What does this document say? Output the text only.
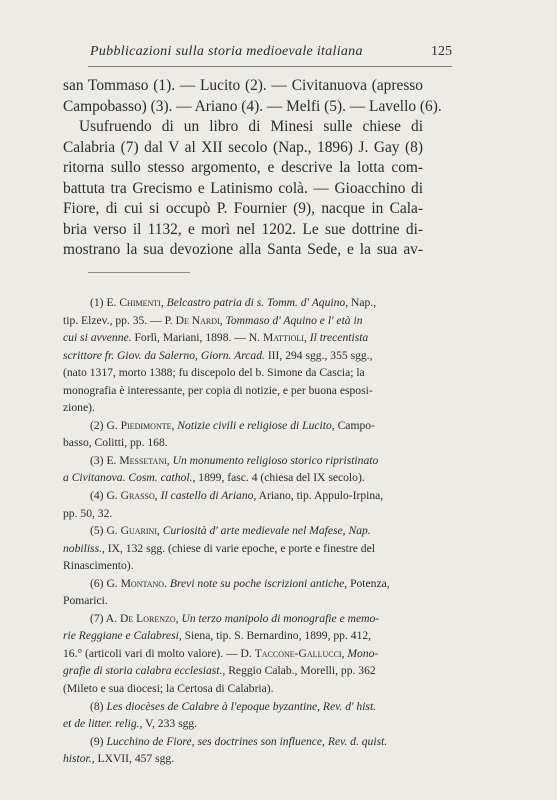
Pubblicazioni sulla storia medioevale italiana	125
san Tommaso (1). — Lucito (2). — Civitanuova (apresso
Campobasso) (3). — Ariano (4). — Melfi (5). — Lavello (6).
Usufruendo di un libro di Minesi sulle chiese di
Calabria (7) dal V al XII secolo (Nap., 1896) J. Gay (8)
ritorna sullo stesso argomento, e descrive la lotta com-
battuta tra Grecismo e Latinismo colà. — Gioacchino di
Fiore, di cui si occupò P. Fournier (9), nacque in Cala-
bria verso il 1132, e morì nel 1202. Le sue dottrine di-
mostrano la sua devozione alla Santa Sede, e la sua av-
(1) E. Chimenti, Belcastro patria di s. Tomm. d' Aquino, Nap.,
tip. Elzev., pp. 35. — P. De Nardi, Tommaso d' Aquino e l' età in
cui si avvenne. Forlì, Mariani, 1898. — N. Mattioli, Il trecentista
scrittore fr. Giov. da Salerno, Giorn. Arcad. III, 294 sgg., 355 sgg.,
(nato 1317, morto 1388; fu discepolo del b. Simone da Cascia; la
monografia è interessante, per copia di notizie, e per buona esposi-
zione).
(2) G. Piedimonte, Notizie civili e religiose di Lucito, Campo-
basso, Colitti, pp. 168.
(3) E. Messetani, Un monumento religioso storico ripristinato
a Civitanova. Cosm. cathol., 1899, fasc. 4 (chiesa del IX secolo).
(4) G. Grasso, Il castello di Ariano, Ariano, tip. Appulo-Irpina,
pp. 50, 32.
(5) G. Guarini, Curiosità d' arte medievale nel Mafese, Nap.
nobiliss., IX, 132 sgg. (chiese di varie epoche, e porte e finestre del
Rinascimento).
(6) G. Montano. Brevi note su poche iscrizioni antiche, Potenza,
Pomarici.
(7) A. De Lorenzo, Un terzo manipolo di monografie e memo-
rie Reggiane e Calabresi, Siena, tip. S. Bernardino, 1899, pp. 412,
16.° (articoli vari di molto valore). — D. Taccone-Gallucci, Mono-
grafie di storia calabra ecclesiast., Reggio Calab., Morelli, pp. 362
(Mileto e sua diocesi; la Certosa di Calabria).
(8) Les diocèses de Calabre à l'epoque byzantine, Rev. d' hist.
et de litter. relig., V, 233 sgg.
(9) Lucchino de Fiore, ses doctrines son influence, Rev. d. quist.
histor., LXVII, 457 sgg.
